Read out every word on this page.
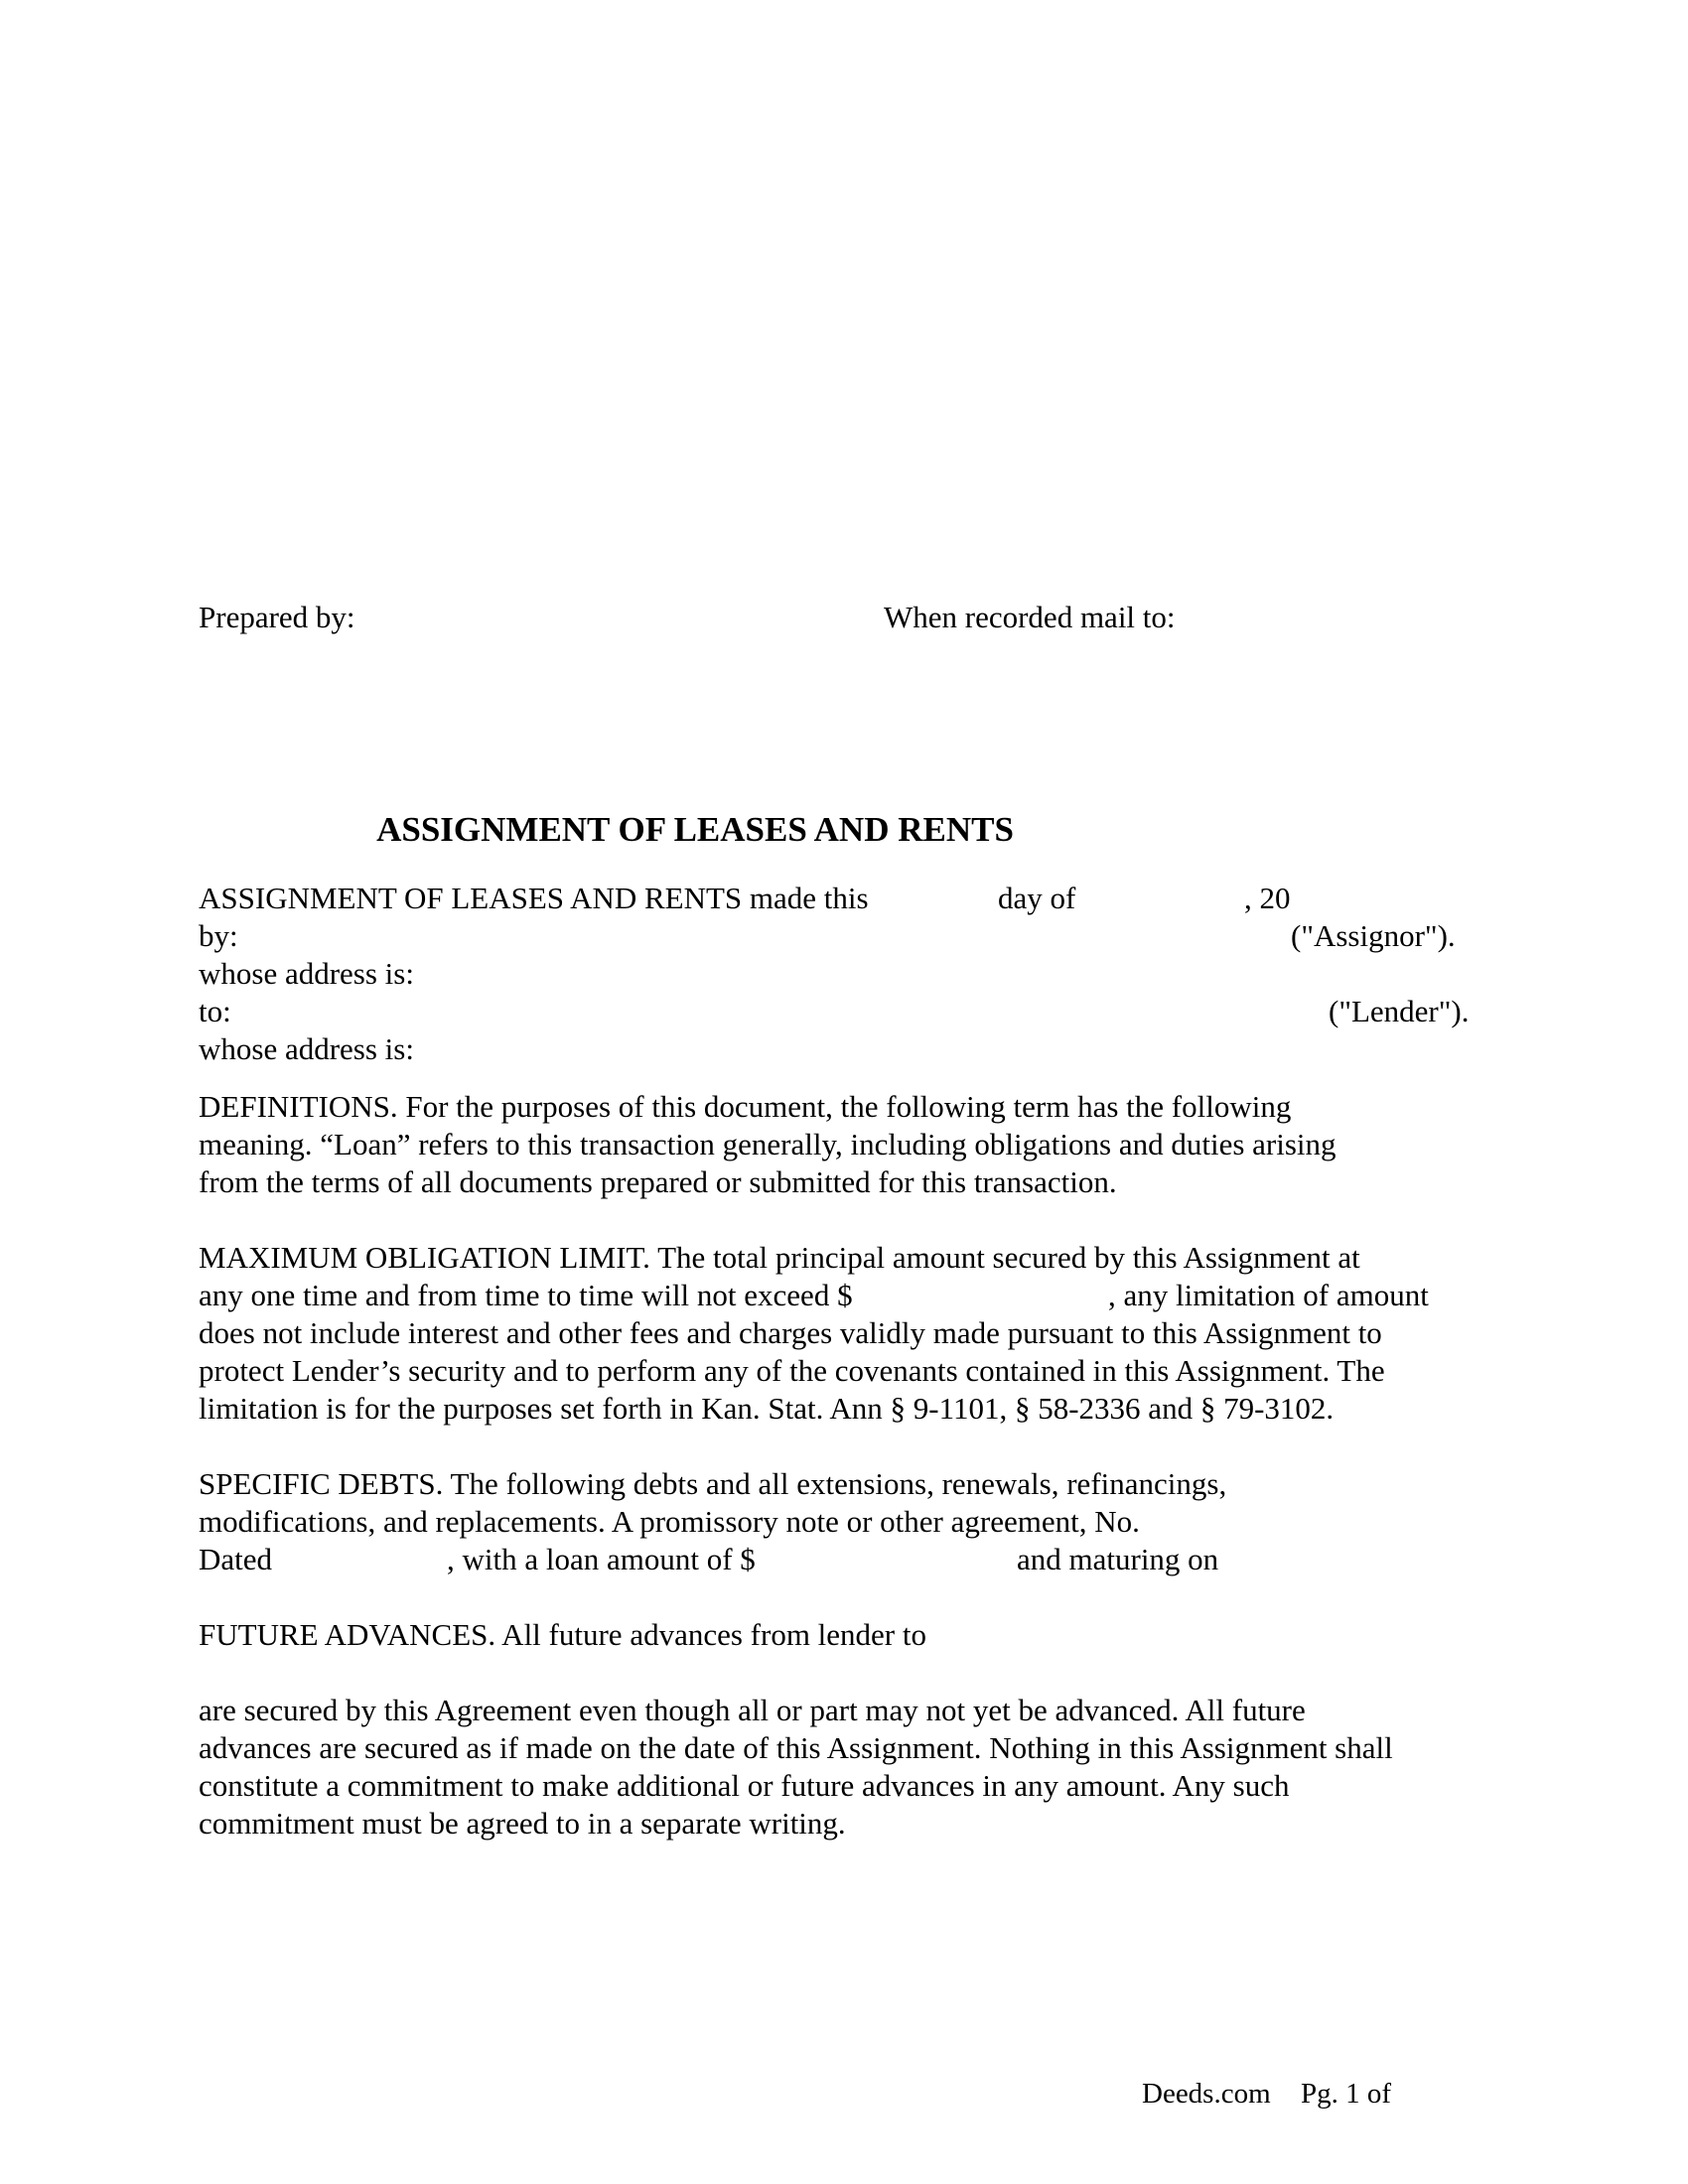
Prepared by:	When recorded mail to:
ASSIGNMENT OF LEASES AND RENTS
ASSIGNMENT OF LEASES AND RENTS made this	day of	, 20
by:	("Assignor").
whose address is:
to:	("Lender").
whose address is:
DEFINITIONS. For the purposes of this document, the following term has the following
meaning. “Loan” refers to this transaction generally, including obligations and duties arising
from the terms of all documents prepared or submitted for this transaction.
MAXIMUM OBLIGATION LIMIT. The total principal amount secured by this Assignment at
any one time and from time to time will not exceed $	, any limitation of amount
does not include interest and other fees and charges validly made pursuant to this Assignment to
protect Lender’s security and to perform any of the covenants contained in this Assignment. The
limitation is for the purposes set forth in Kan. Stat. Ann § 9-1101, § 58-2336 and § 79-3102.
SPECIFIC DEBTS. The following debts and all extensions, renewals, refinancings,
modifications, and replacements. A promissory note or other agreement, No.
Dated	, with a loan amount of $	and maturing on
FUTURE ADVANCES. All future advances from lender to
are secured by this Agreement even though all or part may not yet be advanced. All future
advances are secured as if made on the date of this Assignment. Nothing in this Assignment shall
constitute a commitment to make additional or future advances in any amount. Any such
commitment must be agreed to in a separate writing.
Deeds.com Pg. 1 of
